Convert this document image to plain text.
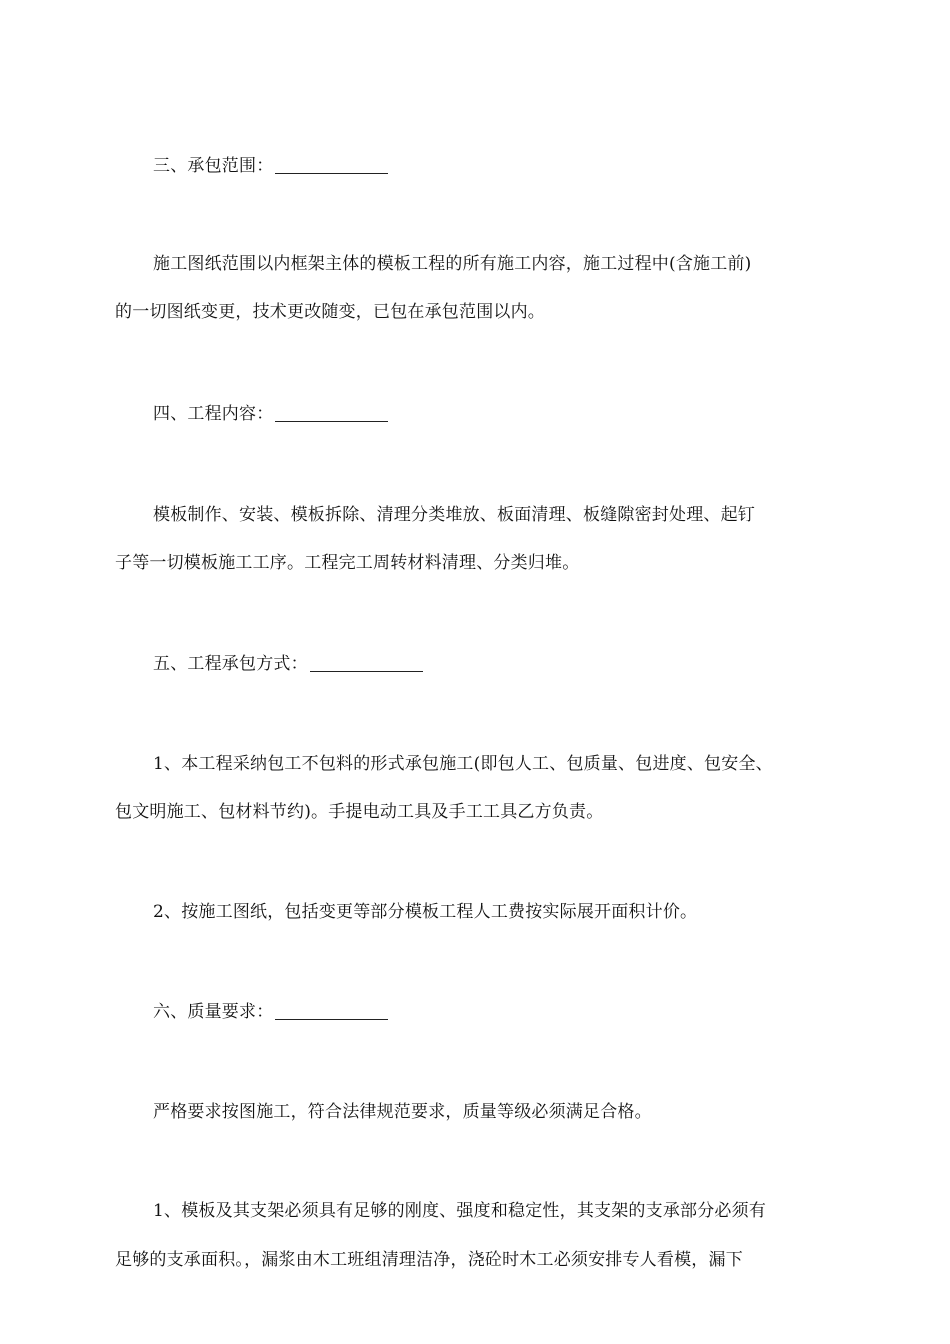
三、承包范围：
施工图纸范围以内框架主体的模板工程的所有施工内容，施工过程中(含施工前)
的一切图纸变更，技术更改随变，已包在承包范围以内。
四、工程内容：
模板制作、安装、模板拆除、清理分类堆放、板面清理、板缝隙密封处理、起钉
子等一切模板施工工序。工程完工周转材料清理、分类归堆。
五、工程承包方式：
1、本工程采纳包工不包料的形式承包施工(即包人工、包质量、包进度、包安全、
包文明施工、包材料节约)。手提电动工具及手工工具乙方负责。
2、按施工图纸，包括变更等部分模板工程人工费按实际展开面积计价。
六、质量要求：
严格要求按图施工，符合法律规范要求，质量等级必须满足合格。
1、模板及其支架必须具有足够的刚度、强度和稳定性，其支架的支承部分必须有
足够的支承面积。，漏浆由木工班组清理洁净，浇砼时木工必须安排专人看模，漏下
